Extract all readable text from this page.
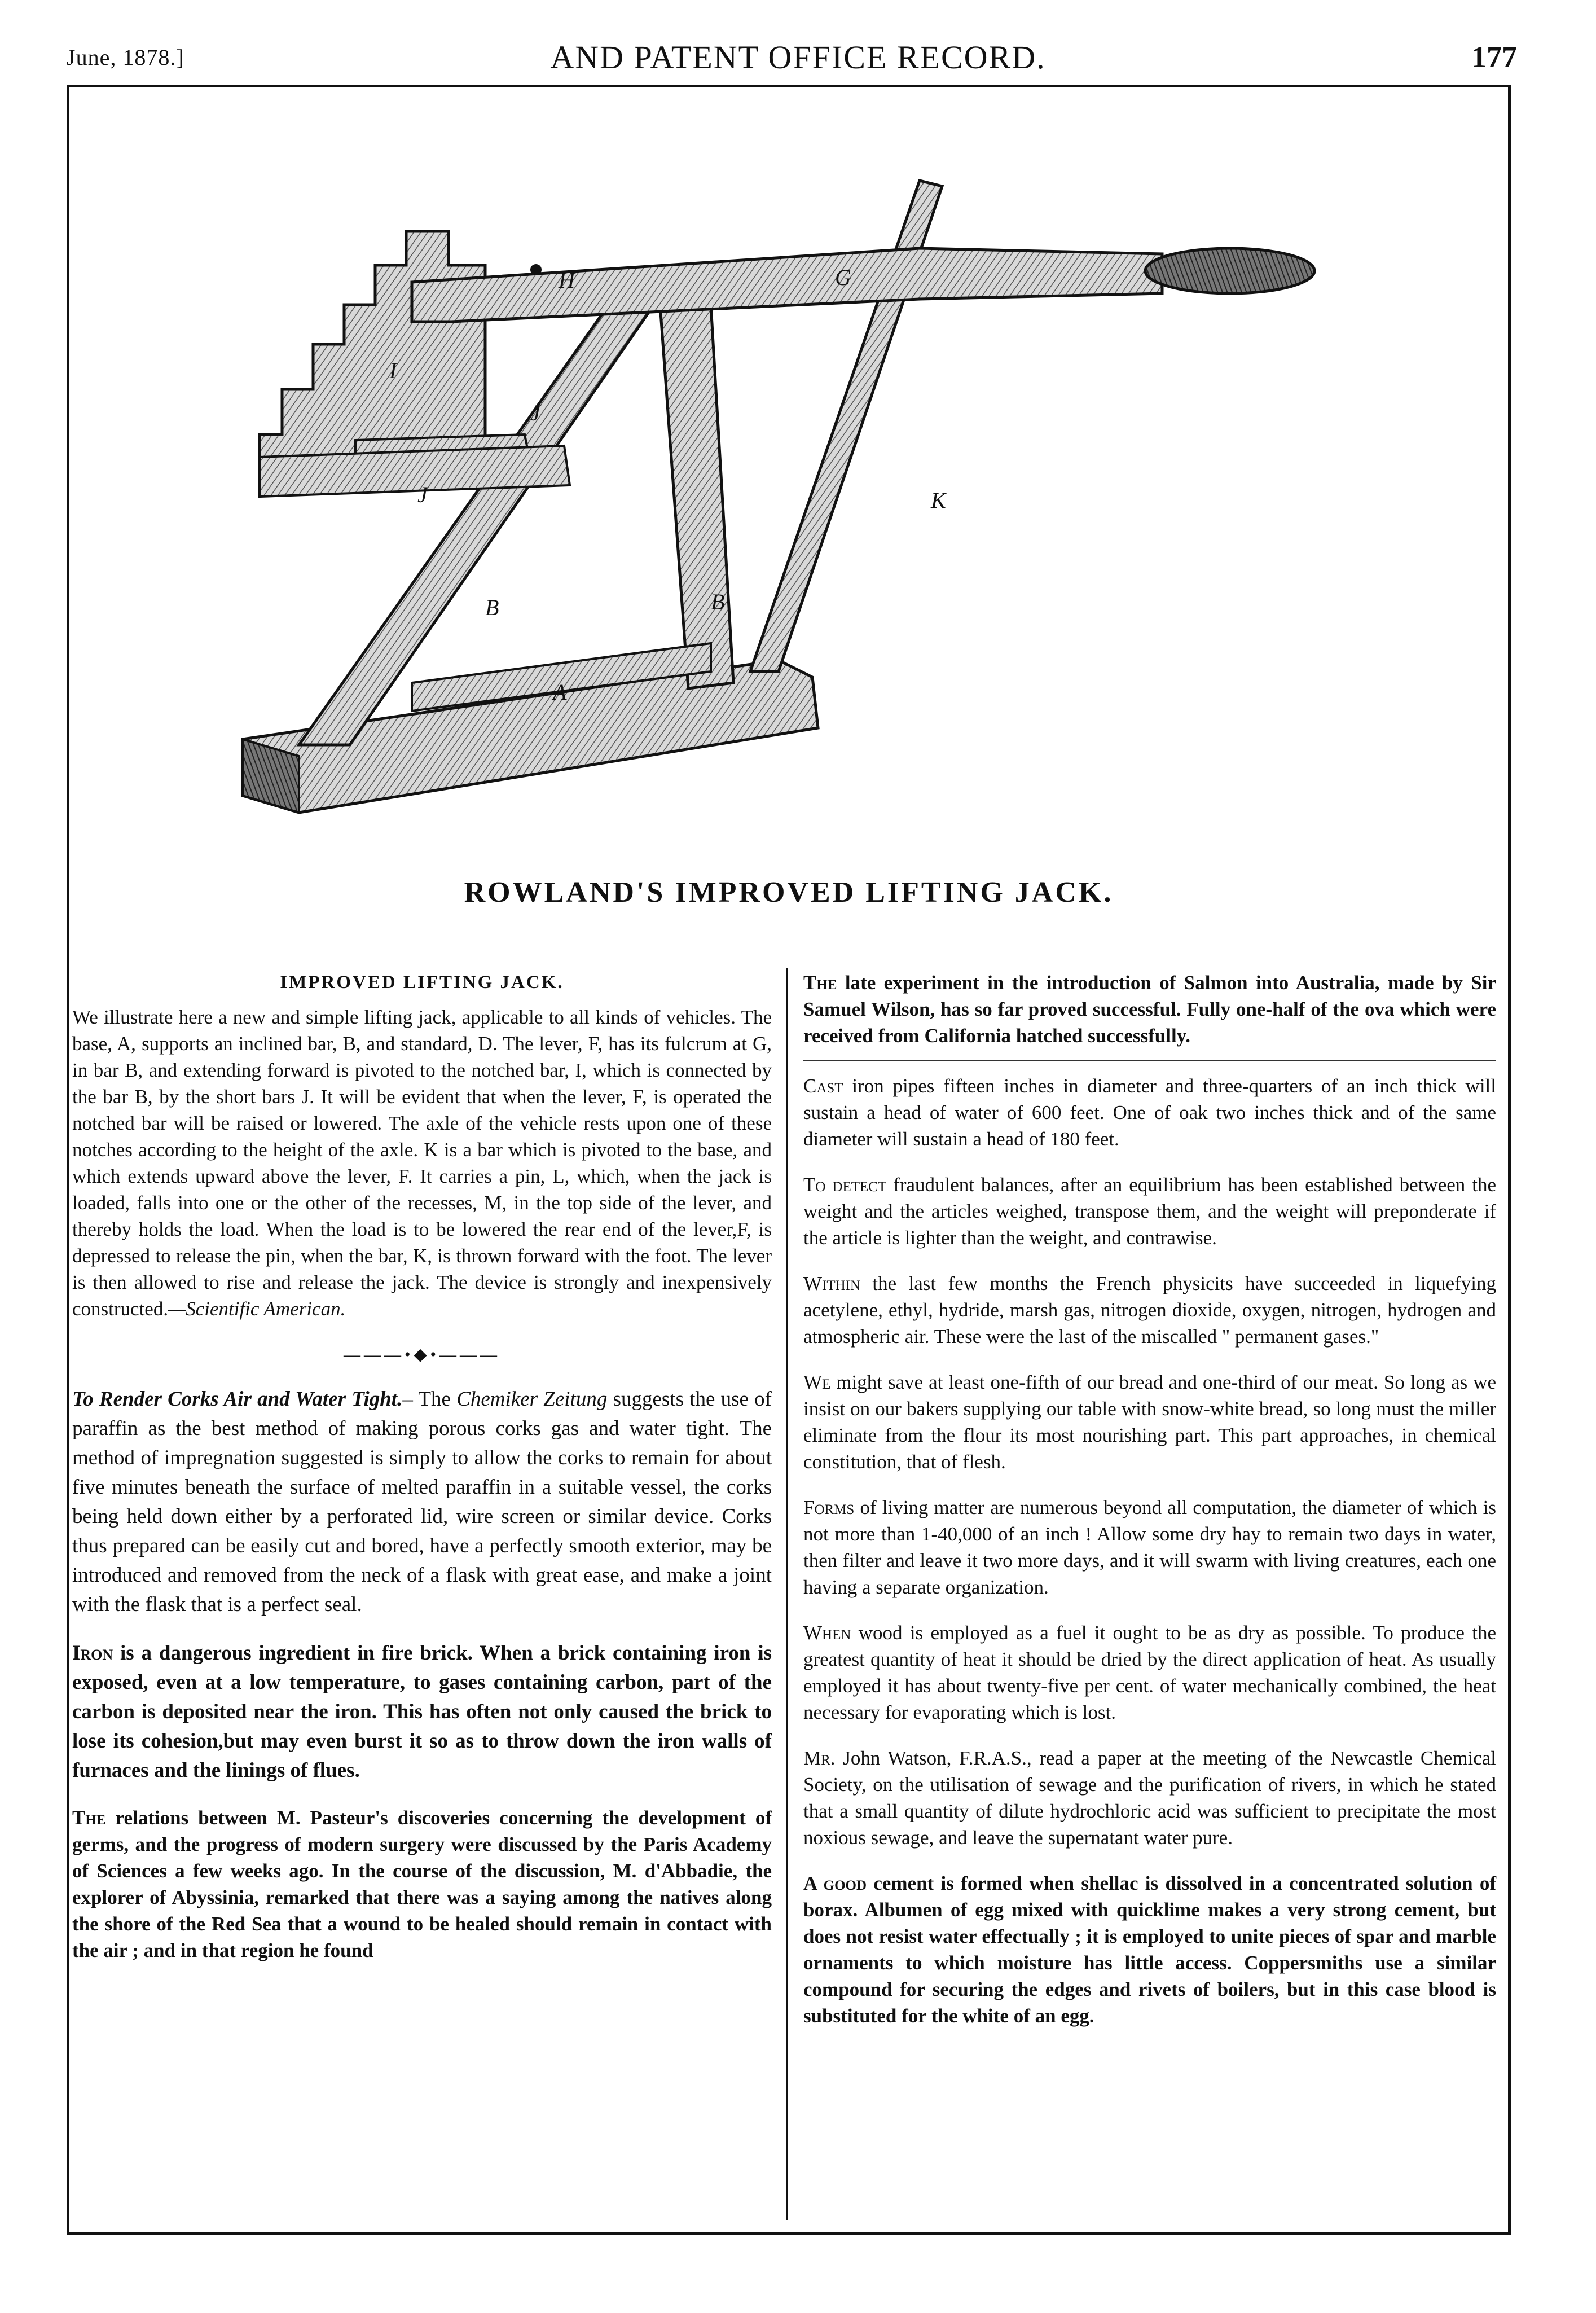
June, 1878.]	AND PATENT OFFICE RECORD.	177
H	G
I
J
J	K
B	B
A
ROWLAND'S IMPROVED LIFTING JACK.
IMPROVED LIFTING JACK.

We illustrate here a new and simple lifting jack, applicable to all kinds of vehicles. The base, A, supports an inclined bar, B, and standard, D. The lever, F, has its fulcrum at G, in bar B, and extending forward is pivoted to the notched bar, I, which is connected by the bar B, by the short bars J. It will be evident that when the lever, F, is operated the notched bar will be raised or lowered. The axle of the vehicle rests upon one of these notches according to the height of the axle. K is a bar which is pivoted to the base, and which extends upward above the lever, F. It carries a pin, L, which, when the jack is loaded, falls into one or the other of the recesses, M, in the top side of the lever, and thereby holds the load. When the load is to be lowered the rear end of the lever,F, is depressed to release the pin, when the bar, K, is thrown forward with the foot. The lever is then allowed to rise and release the jack. The device is strongly and inexpensively constructed.—Scientific American.

———•◆•———

To Render Corks Air and Water Tight.– The Chemiker Zeitung suggests the use of paraffin as the best method of making porous corks gas and water tight. The method of impregnation suggested is simply to allow the corks to remain for about five minutes beneath the surface of melted paraffin in a suitable vessel, the corks being held down either by a perforated lid, wire screen or similar device. Corks thus prepared can be easily cut and bored, have a perfectly smooth exterior, may be introduced and removed from the neck of a flask with great ease, and make a joint with the flask that is a perfect seal.

Iron is a dangerous ingredient in fire brick. When a brick containing iron is exposed, even at a low temperature, to gases containing carbon, part of the carbon is deposited near the iron. This has often not only caused the brick to lose its cohesion,but may even burst it so as to throw down the iron walls of furnaces and the linings of flues.

The relations between M. Pasteur's discoveries concerning the development of germs, and the progress of modern surgery were discussed by the Paris Academy of Sciences a few weeks ago. In the course of the discussion, M. d'Abbadie, the explorer of Abyssinia, remarked that there was a saying among the natives along the shore of the Red Sea that a wound to be healed should remain in contact with the air ; and in that region he found

The late experiment in the introduction of Salmon into Australia, made by Sir Samuel Wilson, has so far proved successful. Fully one-half of the ova which were received from California hatched successfully.

Cast iron pipes fifteen inches in diameter and three-quarters of an inch thick will sustain a head of water of 600 feet. One of oak two inches thick and of the same diameter will sustain a head of 180 feet.

To detect fraudulent balances, after an equilibrium has been established between the weight and the articles weighed, transpose them, and the weight will preponderate if the article is lighter than the weight, and contrawise.

Within the last few months the French physicits have succeeded in liquefying acetylene, ethyl, hydride, marsh gas, nitrogen dioxide, oxygen, nitrogen, hydrogen and atmospheric air. These were the last of the miscalled " permanent gases."

We might save at least one-fifth of our bread and one-third of our meat. So long as we insist on our bakers supplying our table with snow-white bread, so long must the miller eliminate from the flour its most nourishing part. This part approaches, in chemical constitution, that of flesh.

Forms of living matter are numerous beyond all computation, the diameter of which is not more than 1-40,000 of an inch ! Allow some dry hay to remain two days in water, then filter and leave it two more days, and it will swarm with living creatures, each one having a separate organization.

When wood is employed as a fuel it ought to be as dry as possible. To produce the greatest quantity of heat it should be dried by the direct application of heat. As usually employed it has about twenty-five per cent. of water mechanically combined, the heat necessary for evaporating which is lost.

Mr. John Watson, F.R.A.S., read a paper at the meeting of the Newcastle Chemical Society, on the utilisation of sewage and the purification of rivers, in which he stated that a small quantity of dilute hydrochloric acid was sufficient to precipitate the most noxious sewage, and leave the supernatant water pure.

A good cement is formed when shellac is dissolved in a concentrated solution of borax. Albumen of egg mixed with quicklime makes a very strong cement, but does not resist water effectually ; it is employed to unite pieces of spar and marble ornaments to which moisture has little access. Coppersmiths use a similar compound for securing the edges and rivets of boilers, but in this case blood is substituted for the white of an egg.
